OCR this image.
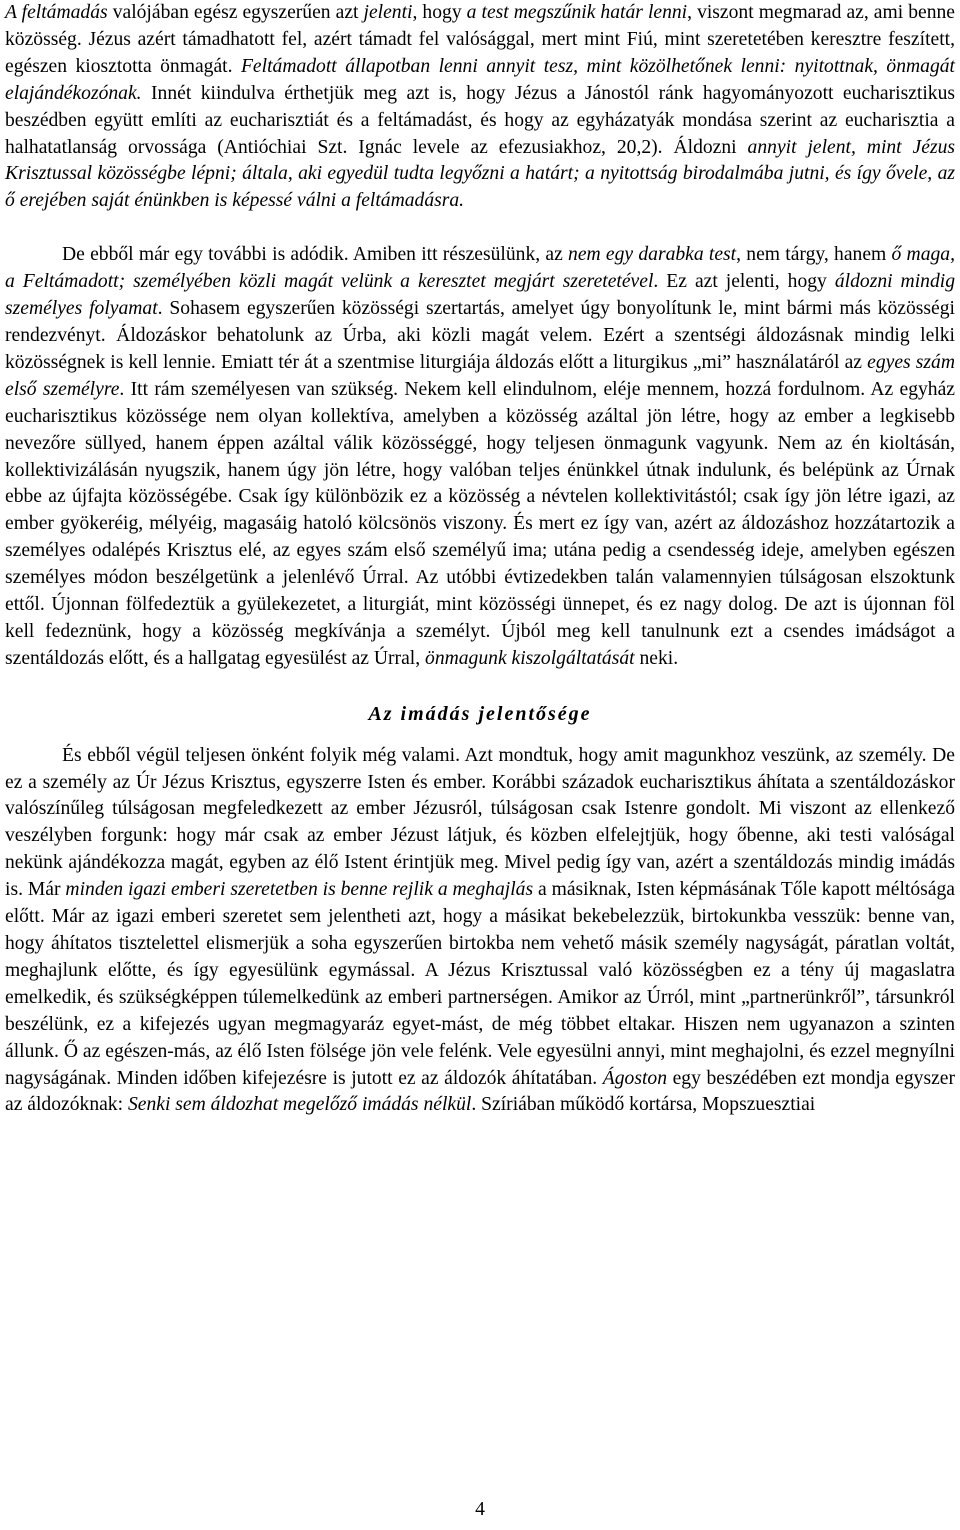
A feltámadás valójában egész egyszerűen azt jelenti, hogy a test megszűnik határ lenni, viszont megmarad az, ami benne közösség. Jézus azért támadhatott fel, azért támadt fel valósággal, mert mint Fiú, mint szeretetében keresztre feszített, egészen kiosztotta önmagát. Feltámadott állapotban lenni annyit tesz, mint közölhetőnek lenni: nyitottnak, önmagát elajándékozónak. Innét kiindulva érthetjük meg azt is, hogy Jézus a Jánostól ránk hagyományozott eucharisztikus beszédben együtt említi az eucharisztiát és a feltámadást, és hogy az egyházatyák mondása szerint az eucharisztia a halhatatlanság orvossága (Antióchiai Szt. Ignác levele az efezusiakhoz, 20,2). Áldozni annyit jelent, mint Jézus Krisztussal közösségbe lépni; általa, aki egyedül tudta legyőzni a határt; a nyitottság birodalmába jutni, és így ővele, az ő erejében saját énünkben is képessé válni a feltámadásra.

De ebből már egy további is adódik. Amiben itt részesülünk, az nem egy darabka test, nem tárgy, hanem ő maga, a Feltámadott; személyében közli magát velünk a keresztet megjárt szeretetével. Ez azt jelenti, hogy áldozni mindig személyes folyamat. Sohasem egyszerűen közösségi szertartás, amelyet úgy bonyolítunk le, mint bármi más közösségi rendezvényt. Áldozáskor behatolunk az Úrba, aki közli magát velem. Ezért a szentségi áldozásnak mindig lelki közösségnek is kell lennie. Emiatt tér át a szentmise liturgiája áldozás előtt a liturgikus „mi” használatáról az egyes szám első személyre. Itt rám személyesen van szükség. Nekem kell elindulnom, eléje mennem, hozzá fordulnom. Az egyház eucharisztikus közössége nem olyan kollektíva, amelyben a közösség azáltal jön létre, hogy az ember a legkisebb nevezőre süllyed, hanem éppen azáltal válik közösséggé, hogy teljesen önmagunk vagyunk. Nem az én kioltásán, kollektivizálásán nyugszik, hanem úgy jön létre, hogy valóban teljes énünkkel útnak indulunk, és belépünk az Úrnak ebbe az újfajta közösségébe. Csak így különbözik ez a közösség a névtelen kollektivitástól; csak így jön létre igazi, az ember gyökeréig, mélyéig, magasáig hatoló kölcsönös viszony. És mert ez így van, azért az áldozáshoz hozzátartozik a személyes odalépés Krisztus elé, az egyes szám első személyű ima; utána pedig a csendesség ideje, amelyben egészen személyes módon beszélgetünk a jelenlévő Úrral. Az utóbbi évtizedekben talán valamennyien túlságosan elszoktunk ettől. Újonnan fölfedeztük a gyülekezetet, a liturgiát, mint közösségi ünnepet, és ez nagy dolog. De azt is újonnan föl kell fedeznünk, hogy a közösség megkívánja a személyt. Újból meg kell tanulnunk ezt a csendes imádságot a szentáldozás előtt, és a hallgatag egyesülést az Úrral, önmagunk kiszolgáltatását neki.

Az imádás jelentősége

És ebből végül teljesen önként folyik még valami. Azt mondtuk, hogy amit magunkhoz veszünk, az személy. De ez a személy az Úr Jézus Krisztus, egyszerre Isten és ember. Korábbi századok eucharisztikus áhítata a szentáldozáskor valószínűleg túlságosan megfeledkezett az ember Jézusról, túlságosan csak Istenre gondolt. Mi viszont az ellenkező veszélyben forgunk: hogy már csak az ember Jézust látjuk, és közben elfelejtjük, hogy őbenne, aki testi valóságal nekünk ajándékozza magát, egyben az élő Istent érintjük meg. Mivel pedig így van, azért a szentáldozás mindig imádás is. Már minden igazi emberi szeretetben is benne rejlik a meghajlás a másiknak, Isten képmásának Tőle kapott méltósága előtt. Már az igazi emberi szeretet sem jelentheti azt, hogy a másikat bekebelezzük, birtokunkba vesszük: benne van, hogy áhítatos tisztelettel elismerjük a soha egyszerűen birtokba nem vehető másik személy nagyságát, páratlan voltát, meghajlunk előtte, és így egyesülünk egymással. A Jézus Krisztussal való közösségben ez a tény új magaslatra emelkedik, és szükségképpen túlemelkedünk az emberi partnerségen. Amikor az Úrról, mint „partnerünkről”, társunkról beszélünk, ez a kifejezés ugyan megmagyaráz egyet-mást, de még többet eltakar. Hiszen nem ugyanazon a szinten állunk. Ő az egészen-más, az élő Isten fölsége jön vele felénk. Vele egyesülni annyi, mint meghajolni, és ezzel megnyílni nagyságának. Minden időben kifejezésre is jutott ez az áldozók áhítatában. Ágoston egy beszédében ezt mondja egyszer az áldozóknak: Senki sem áldozhat megelőző imádás nélkül. Szíriában működő kortársa, Mopszuesztiai

4
